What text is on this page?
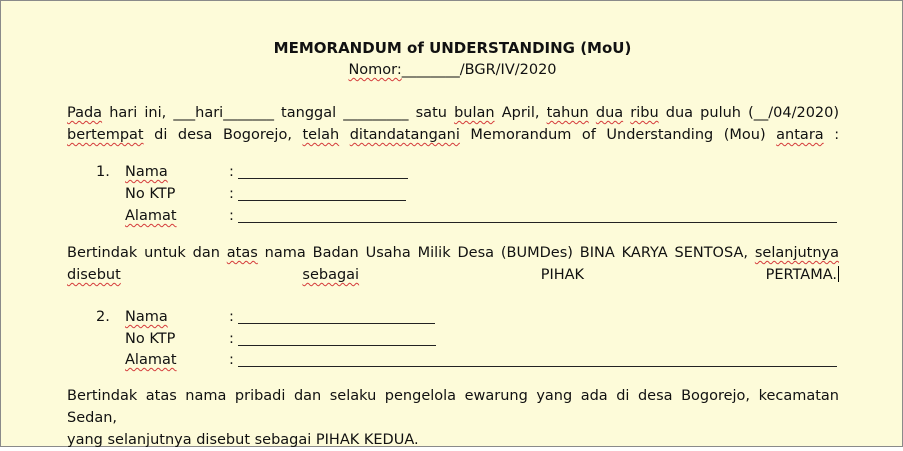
MEMORANDUM of UNDERSTANDING (MoU)
Nomor:________/BGR/IV/2020
Pada hari ini, ___hari_______ tanggal _________ satu bulan April, tahun dua ribu dua puluh (__/04/2020)
bertempat di desa Bogorejo, telah ditandatangani Memorandum of Understanding (Mou) antara :
1. Nama	:
No KTP	:
Alamat	:
Bertindak untuk dan atas nama Badan Usaha Milik Desa (BUMDes) BINA KARYA SENTOSA, selanjutnya
disebut	sebagai	PIHAK PERTAMA.
2. Nama	:
No KTP	:
Alamat	:
Bertindak atas nama pribadi dan selaku pengelola ewarung yang ada di desa Bogorejo, kecamatan Sedan,
yang selanjutnya disebut sebagai PIHAK KEDUA.
